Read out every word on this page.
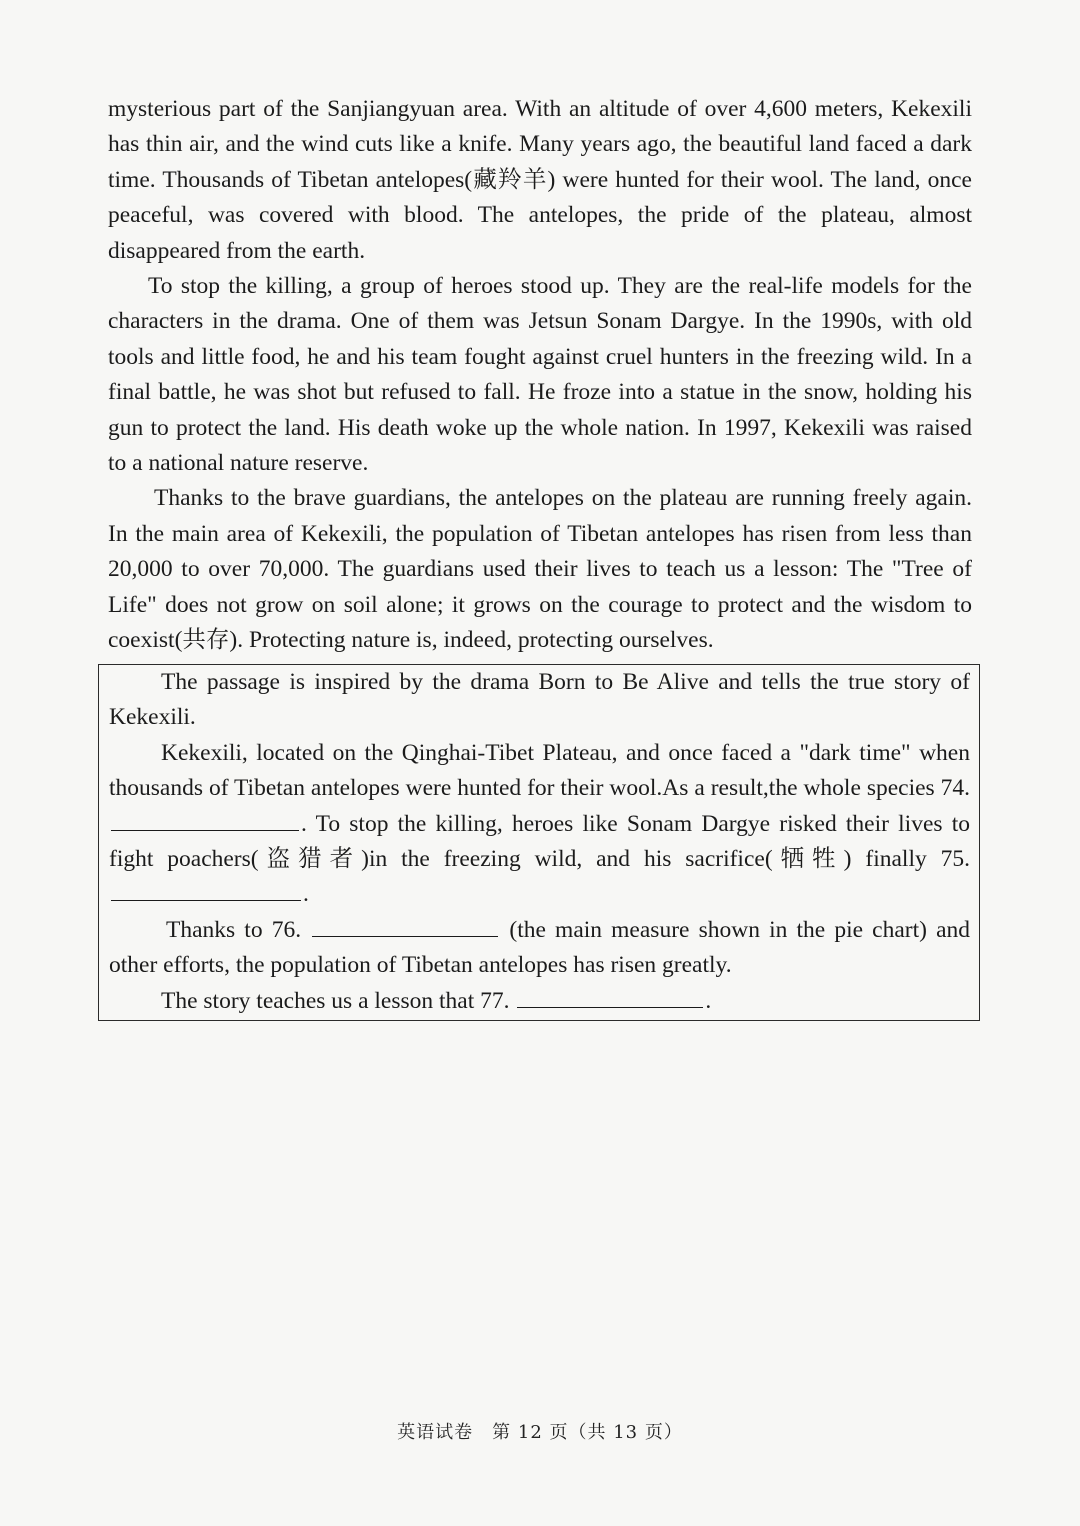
mysterious part of the Sanjiangyuan area. With an altitude of over 4,600 meters, Kekexili has thin air, and the wind cuts like a knife. Many years ago, the beautiful land faced a dark time. Thousands of Tibetan antelopes(藏羚羊) were hunted for their wool. The land, once peaceful, was covered with blood. The antelopes, the pride of the plateau, almost disappeared from the earth.

To stop the killing, a group of heroes stood up. They are the real-life models for the characters in the drama. One of them was Jetsun Sonam Dargye. In the 1990s, with old tools and little food, he and his team fought against cruel hunters in the freezing wild. In a final battle, he was shot but refused to fall. He froze into a statue in the snow, holding his gun to protect the land. His death woke up the whole nation. In 1997, Kekexili was raised to a national nature reserve.

Thanks to the brave guardians, the antelopes on the plateau are running freely again. In the main area of Kekexili, the population of Tibetan antelopes has risen from less than 20,000 to over 70,000. The guardians used their lives to teach us a lesson: The "Tree of Life" does not grow on soil alone; it grows on the courage to protect and the wisdom to coexist(共存). Protecting nature is, indeed, protecting ourselves.

The passage is inspired by the drama Born to Be Alive and tells the true story of Kekexili.

Kekexili, located on the Qinghai-Tibet Plateau, and once faced a "dark time" when thousands of Tibetan antelopes were hunted for their wool.As a result,the whole species 74.. To stop the killing, heroes like Sonam Dargye risked their lives to fight poachers(盗猎者)in the freezing wild, and his sacrifice(牺牲) finally 75..

Thanks to 76.	(the main measure shown in the pie chart) and other efforts, the population of Tibetan antelopes has risen greatly.

The story teaches us a lesson that 77.	.

英语试卷　第 12 页（共 13 页）
